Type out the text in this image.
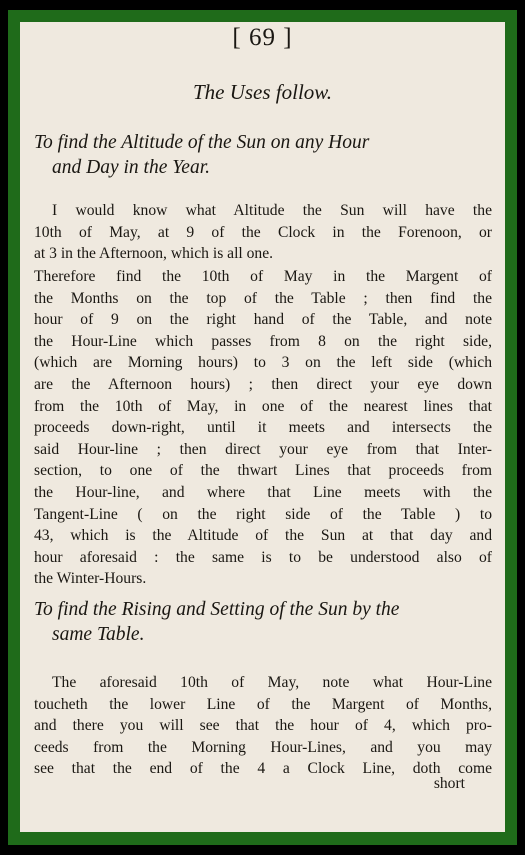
[ 69 ]
The Uses follow.
To find the Altitude of the Sun on any Hour
and Day in the Year.
I would know what Altitude the Sun will have the
10th of May, at 9 of the Clock in the Forenoon, or
at 3 in the Afternoon, which is all one.
Therefore find the 10th of May in the Margent of
the Months on the top of the Table ; then find the
hour of 9 on the right hand of the Table, and note
the Hour-Line which passes from 8 on the right side,
(which are Morning hours) to 3 on the left side (which
are the Afternoon hours) ; then direct your eye down
from the 10th of May, in one of the nearest lines that
proceeds down-right, until it meets and intersects the
said Hour-line ; then direct your eye from that Inter-
section, to one of the thwart Lines that proceeds from
the Hour-line, and where that Line meets with the
Tangent-Line ( on the right side of the Table ) to
43, which is the Altitude of the Sun at that day and
hour aforesaid : the same is to be understood also of
the Winter-Hours.
To find the Rising and Setting of the Sun by the
same Table.
The aforesaid 10th of May, note what Hour-Line
toucheth the lower Line of the Margent of Months,
and there you will see that the hour of 4, which pro-
ceeds from the Morning Hour-Lines, and you may
see that the end of the 4 a Clock Line, doth come
short
